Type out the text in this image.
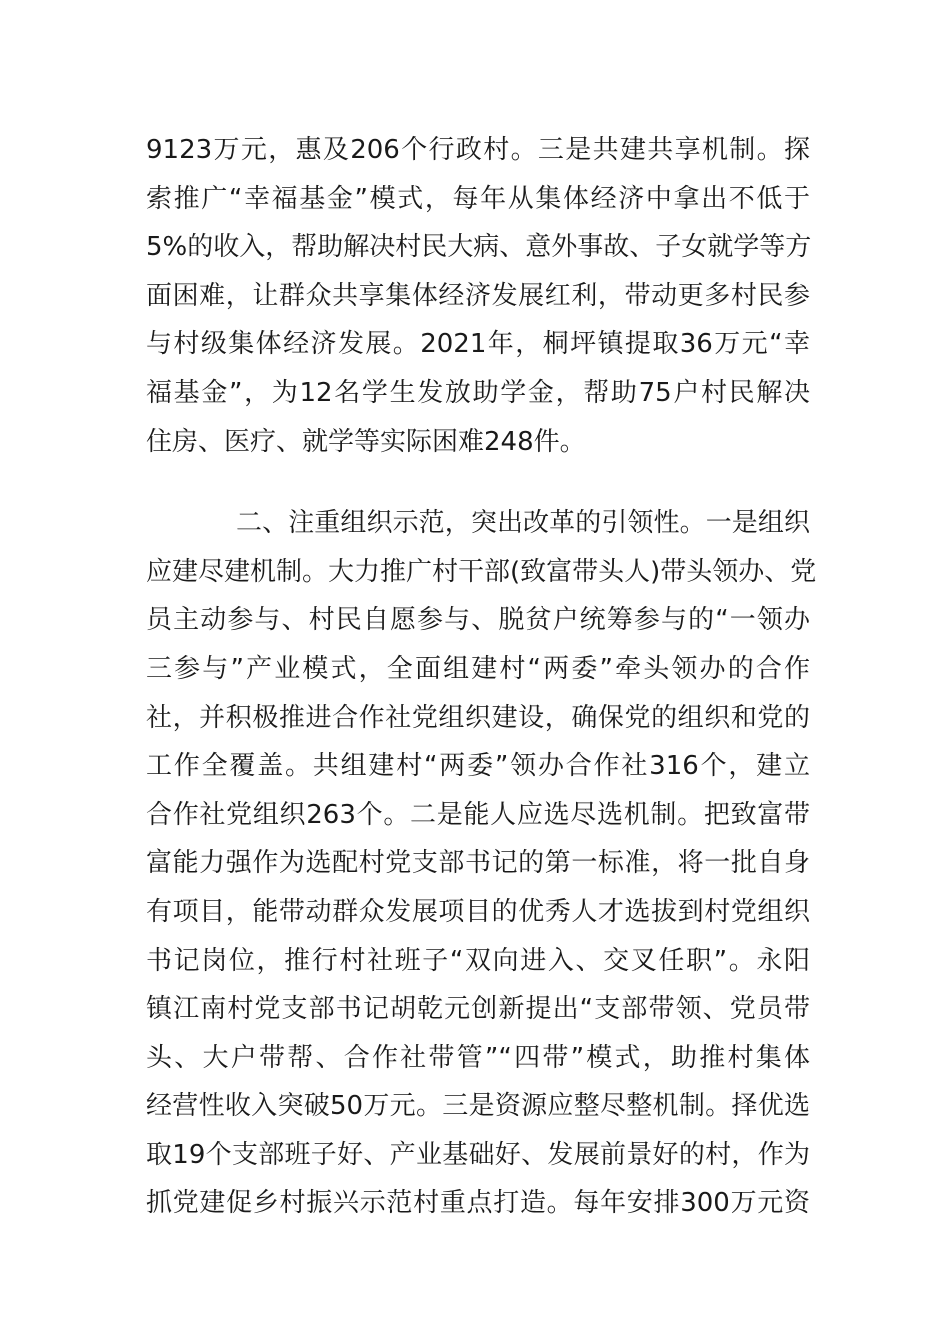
9123万元，惠及206个行政村。三是共建共享机制。探
索推广“幸福基金”模式，每年从集体经济中拿出不低于
5%的收入，帮助解决村民大病、意外事故、子女就学等方
面困难，让群众共享集体经济发展红利，带动更多村民参
与村级集体经济发展。2021年，桐坪镇提取36万元“幸
福基金”，为12名学生发放助学金，帮助75户村民解决
住房、医疗、就学等实际困难248件。
二、注重组织示范，突出改革的引领性。一是组织
应建尽建机制。大力推广村干部(致富带头人)带头领办、党
员主动参与、村民自愿参与、脱贫户统筹参与的“一领办
三参与”产业模式，全面组建村“两委”牵头领办的合作
社，并积极推进合作社党组织建设，确保党的组织和党的
工作全覆盖。共组建村“两委”领办合作社316个，建立
合作社党组织263个。二是能人应选尽选机制。把致富带
富能力强作为选配村党支部书记的第一标准，将一批自身
有项目，能带动群众发展项目的优秀人才选拔到村党组织
书记岗位，推行村社班子“双向进入、交叉任职”。永阳
镇江南村党支部书记胡乾元创新提出“支部带领、党员带
头、大户带帮、合作社带管”“四带”模式，助推村集体
经营性收入突破50万元。三是资源应整尽整机制。择优选
取19个支部班子好、产业基础好、发展前景好的村，作为
抓党建促乡村振兴示范村重点打造。每年安排300万元资
